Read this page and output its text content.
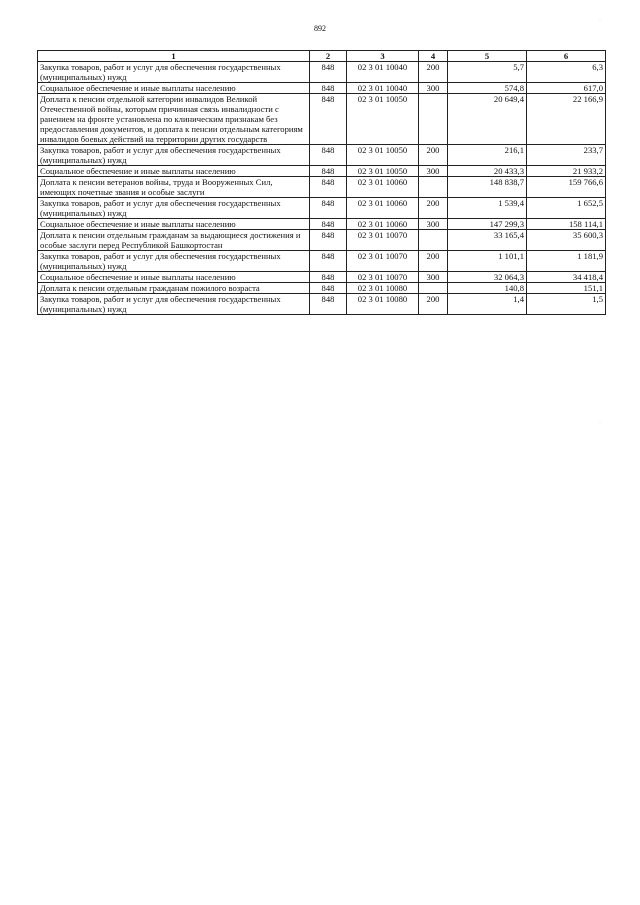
892
1	2	3	4	5	6
Закупка товаров, работ и услуг для обеспечения государственных (муниципальных) нужд	848	02 3 01 10040	200	5,7	6,3
Социальное обеспечение и иные выплаты населению	848	02 3 01 10040	300	574,8	617,0
Доплата к пенсии отдельной категории инвалидов Великой Отечественной войны, которым причинная связь инвалидности с ранением на фронте установлена по клиническим признакам без предоставления документов, и доплата к пенсии отдельным категориям инвалидов боевых действий на территории других государств	848	02 3 01 10050		20 649,4	22 166,9
Закупка товаров, работ и услуг для обеспечения государственных (муниципальных) нужд	848	02 3 01 10050	200	216,1	233,7
Социальное обеспечение и иные выплаты населению	848	02 3 01 10050	300	20 433,3	21 933,2
Доплата к пенсии ветеранов войны, труда и Вооруженных Сил, имеющих почетные звания и особые заслуги	848	02 3 01 10060		148 838,7	159 766,6
Закупка товаров, работ и услуг для обеспечения государственных (муниципальных) нужд	848	02 3 01 10060	200	1 539,4	1 652,5
Социальное обеспечение и иные выплаты населению	848	02 3 01 10060	300	147 299,3	158 114,1
Доплата к пенсии отдельным гражданам за выдающиеся достижения и особые заслуги перед Республикой Башкортостан	848	02 3 01 10070		33 165,4	35 600,3
Закупка товаров, работ и услуг для обеспечения государственных (муниципальных) нужд	848	02 3 01 10070	200	1 101,1	1 181,9
Социальное обеспечение и иные выплаты населению	848	02 3 01 10070	300	32 064,3	34 418,4
Доплата к пенсии отдельным гражданам пожилого возраста	848	02 3 01 10080		140,8	151,1
Закупка товаров, работ и услуг для обеспечения государственных (муниципальных) нужд	848	02 3 01 10080	200	1,4	1,5
·
·
